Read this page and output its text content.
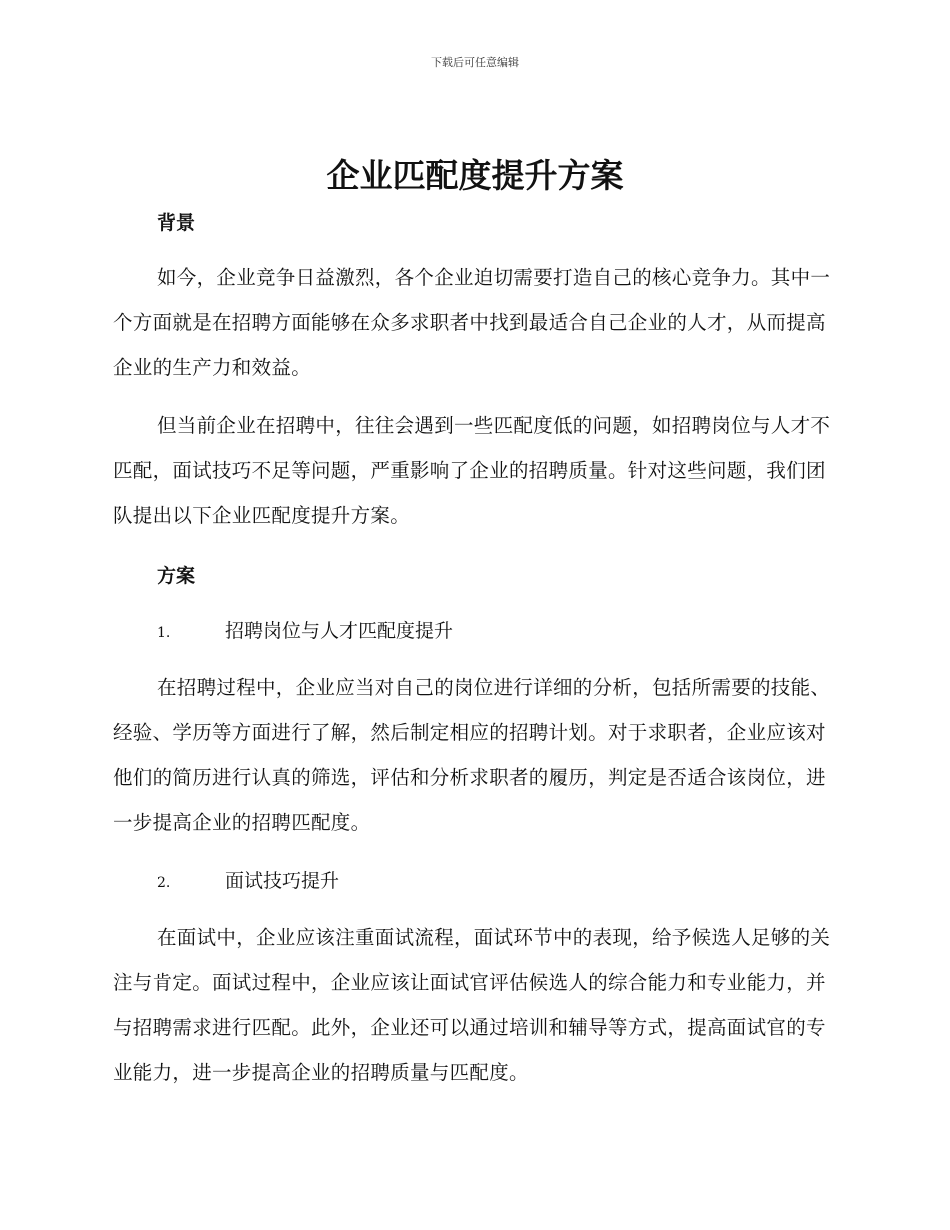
下载后可任意编辑
企业匹配度提升方案
背景

如今，企业竞争日益激烈，各个企业迫切需要打造自己的核心竞争力。其中一个方面就是在招聘方面能够在众多求职者中找到最适合自己企业的人才，从而提高企业的生产力和效益。

但当前企业在招聘中，往往会遇到一些匹配度低的问题，如招聘岗位与人才不匹配，面试技巧不足等问题，严重影响了企业的招聘质量。针对这些问题，我们团队提出以下企业匹配度提升方案。

方案
1.	招聘岗位与人才匹配度提升

在招聘过程中，企业应当对自己的岗位进行详细的分析，包括所需要的技能、经验、学历等方面进行了解，然后制定相应的招聘计划。对于求职者，企业应该对他们的简历进行认真的筛选，评估和分析求职者的履历，判定是否适合该岗位，进一步提高企业的招聘匹配度。

2.	面试技巧提升

在面试中，企业应该注重面试流程，面试环节中的表现，给予候选人足够的关注与肯定。面试过程中，企业应该让面试官评估候选人的综合能力和专业能力，并与招聘需求进行匹配。此外，企业还可以通过培训和辅导等方式，提高面试官的专业能力，进一步提高企业的招聘质量与匹配度。
